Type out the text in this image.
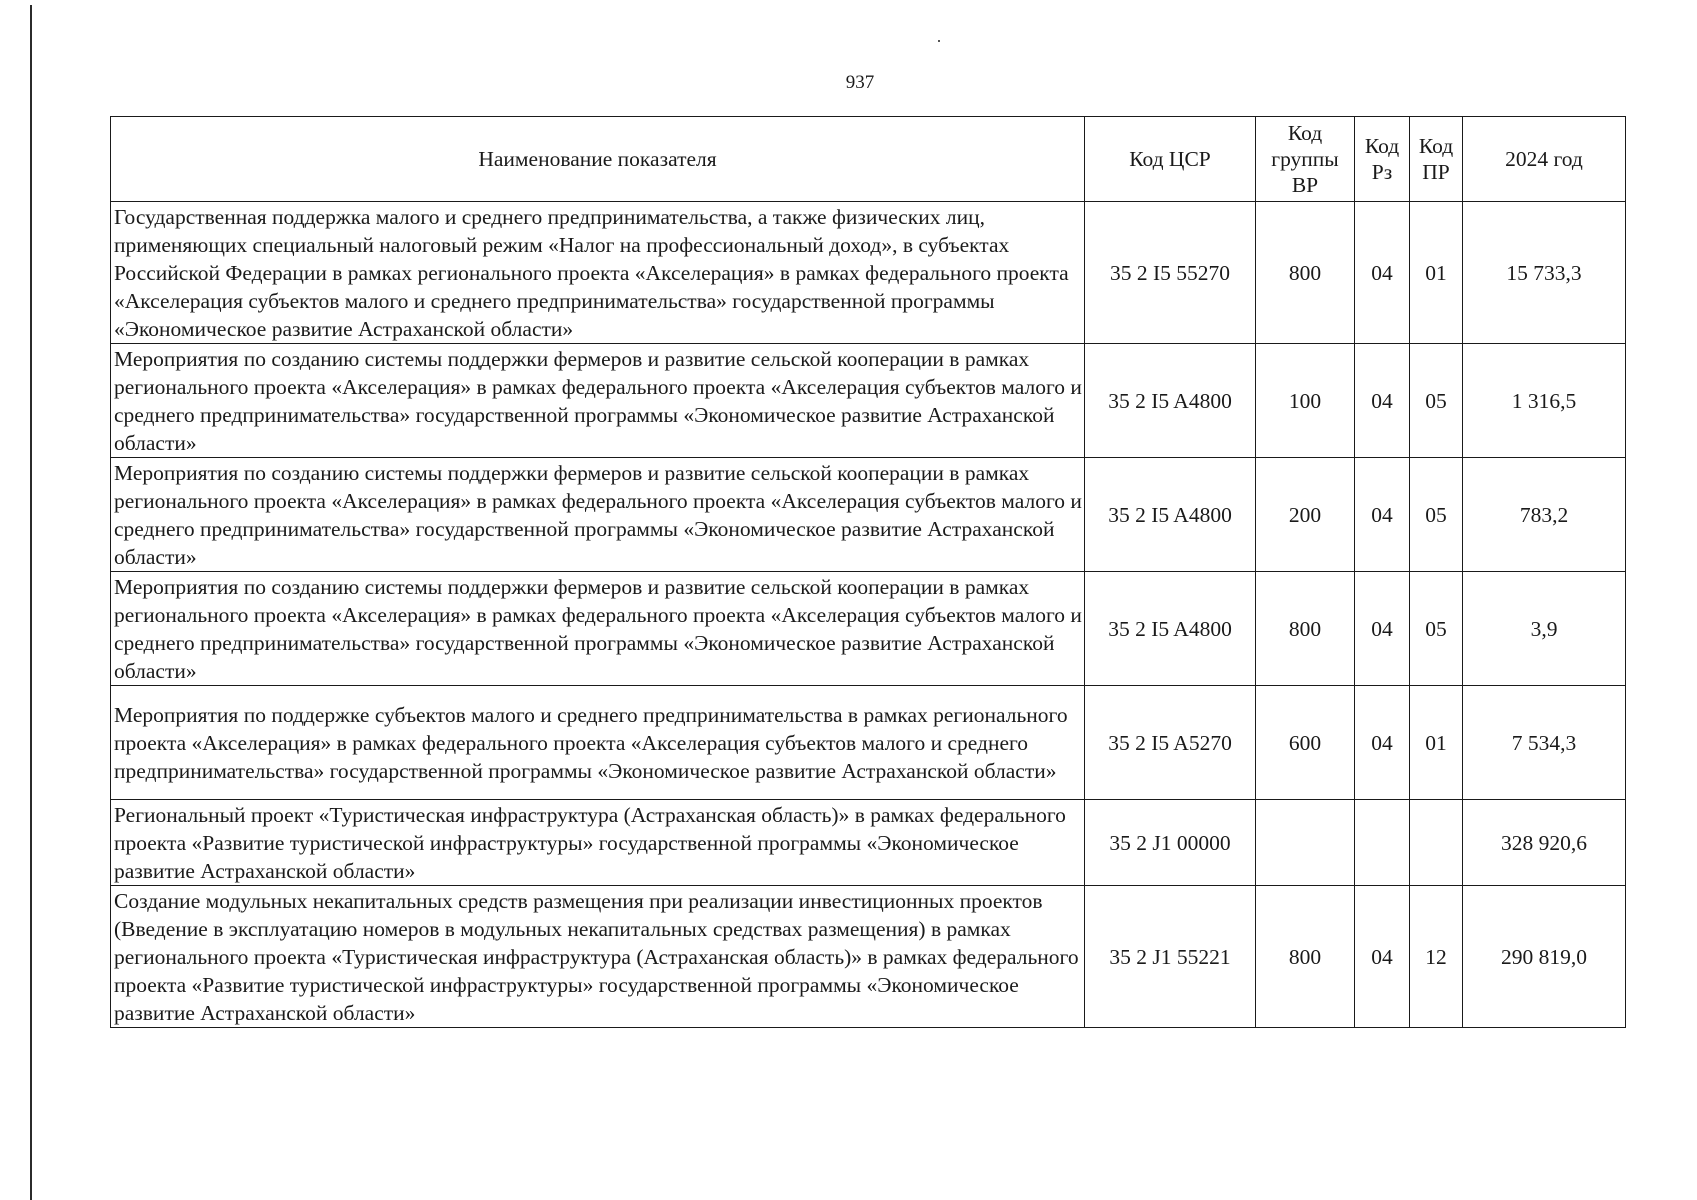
937
Наименование показателя	Код ЦСР	Код группы ВР	Код Рз	Код ПР	2024 год
Государственная поддержка малого и среднего предпринимательства, а также физических лиц, применяющих специальный налоговый режим «Налог на профессиональный доход», в субъектах Российской Федерации в рамках регионального проекта «Акселерация» в рамках федерального проекта «Акселерация субъектов малого и среднего предпринимательства» государственной программы «Экономическое развитие Астраханской области»	35 2 I5 55270	800	04	01	15 733,3
Мероприятия по созданию системы поддержки фермеров и развитие сельской кооперации в рамках регионального проекта «Акселерация» в рамках федерального проекта «Акселерация субъектов малого и среднего предпринимательства» государственной программы «Экономическое развитие Астраханской области»	35 2 I5 A4800	100	04	05	1 316,5
Мероприятия по созданию системы поддержки фермеров и развитие сельской кооперации в рамках регионального проекта «Акселерация» в рамках федерального проекта «Акселерация субъектов малого и среднего предпринимательства» государственной программы «Экономическое развитие Астраханской области»	35 2 I5 A4800	200	04	05	783,2
Мероприятия по созданию системы поддержки фермеров и развитие сельской кооперации в рамках регионального проекта «Акселерация» в рамках федерального проекта «Акселерация субъектов малого и среднего предпринимательства» государственной программы «Экономическое развитие Астраханской области»	35 2 I5 A4800	800	04	05	3,9
Мероприятия по поддержке субъектов малого и среднего предпринимательства в рамках регионального проекта «Акселерация» в рамках федерального проекта «Акселерация субъектов малого и среднего предпринимательства» государственной программы «Экономическое развитие Астраханской области»	35 2 I5 A5270	600	04	01	7 534,3
Региональный проект «Туристическая инфраструктура (Астраханская область)» в рамках федерального проекта «Развитие туристической инфраструктуры» государственной программы «Экономическое развитие Астраханской области»	35 2 J1 00000				328 920,6
Создание модульных некапитальных средств размещения при реализации инвестиционных проектов (Введение в эксплуатацию номеров в модульных некапитальных средствах размещения) в рамках регионального проекта «Туристическая инфраструктура (Астраханская область)» в рамках федерального проекта «Развитие туристической инфраструктуры» государственной программы «Экономическое развитие Астраханской области»	35 2 J1 55221	800	04	12	290 819,0
